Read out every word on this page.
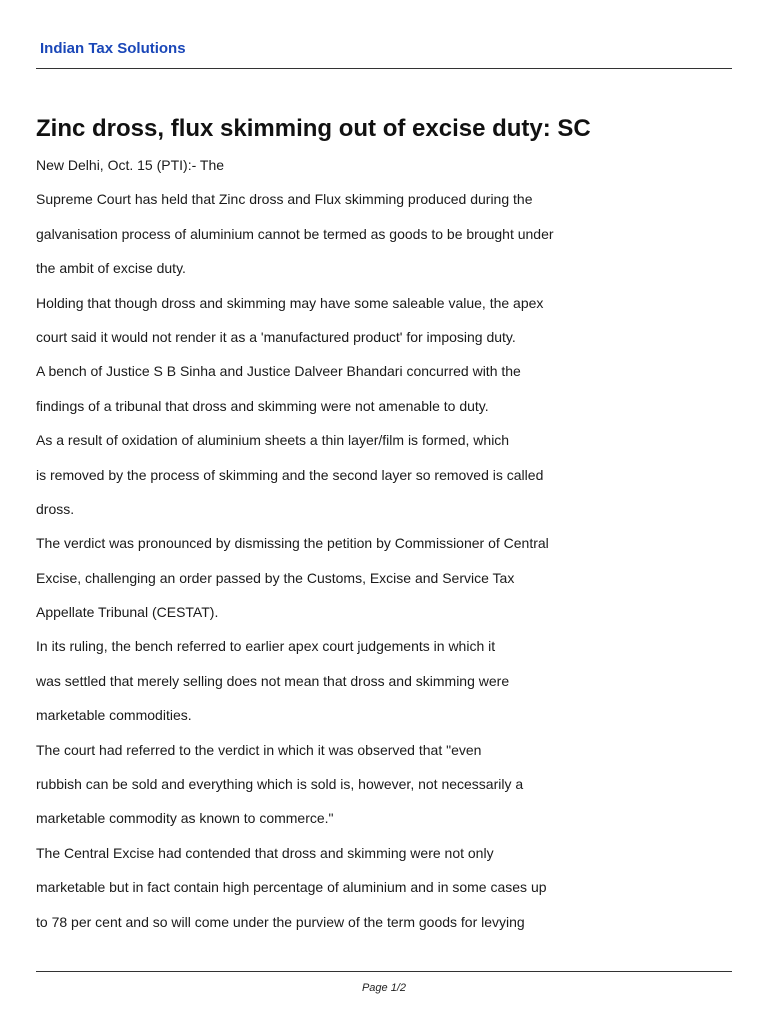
Indian Tax Solutions
Zinc dross, flux skimming out of excise duty: SC
New Delhi, Oct. 15 (PTI):- The
Supreme Court has held that Zinc dross and Flux skimming produced during the
galvanisation process of aluminium cannot be termed as goods to be brought under
the ambit of excise duty.
Holding that though dross and skimming may have some saleable value, the apex
court said it would not render it as a 'manufactured product' for imposing duty.
A bench of Justice S B Sinha and Justice Dalveer Bhandari concurred with the
findings of a tribunal that dross and skimming were not amenable to duty.
As a result of oxidation of aluminium sheets a thin layer/film is formed, which
is removed by the process of skimming and the second layer so removed is called
dross.
The verdict was pronounced by dismissing the petition by Commissioner of Central
Excise, challenging an order passed by the Customs, Excise and Service Tax
Appellate Tribunal (CESTAT).
In its ruling, the bench referred to earlier apex court judgements in which it
was settled that merely selling does not mean that dross and skimming were
marketable commodities.
The court had referred to the verdict in which it was observed that "even
rubbish can be sold and everything which is sold is, however, not necessarily a
marketable commodity as known to commerce."
The Central Excise had contended that dross and skimming were not only
marketable but in fact contain high percentage of aluminium and in some cases up
to 78 per cent and so will come under the purview of the term goods for levying
Page 1/2
